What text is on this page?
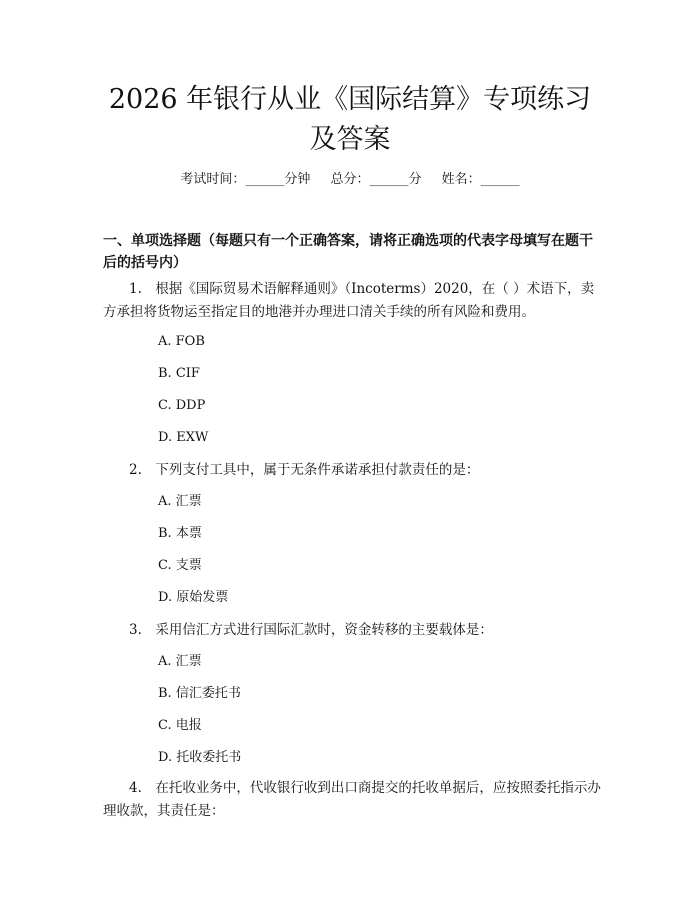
2026 年银行从业《国际结算》专项练习及答案
考试时间：______分钟 总分：______分 姓名：______
一、单项选择题（每题只有一个正确答案，请将正确选项的代表字母填写在题干后的括号内）
1.　根据《国际贸易术语解释通则》（Incoterms）2020，在（ ）术语下，卖方承担将货物运至指定目的地港并办理进口清关手续的所有风险和费用。
A. FOB
B. CIF
C. DDP
D. EXW
2.　下列支付工具中，属于无条件承诺承担付款责任的是：
A. 汇票
B. 本票
C. 支票
D. 原始发票
3.　采用信汇方式进行国际汇款时，资金转移的主要载体是：
A. 汇票
B. 信汇委托书
C. 电报
D. 托收委托书
4.　在托收业务中，代收银行收到出口商提交的托收单据后，应按照委托指示办理收款，其责任是：
